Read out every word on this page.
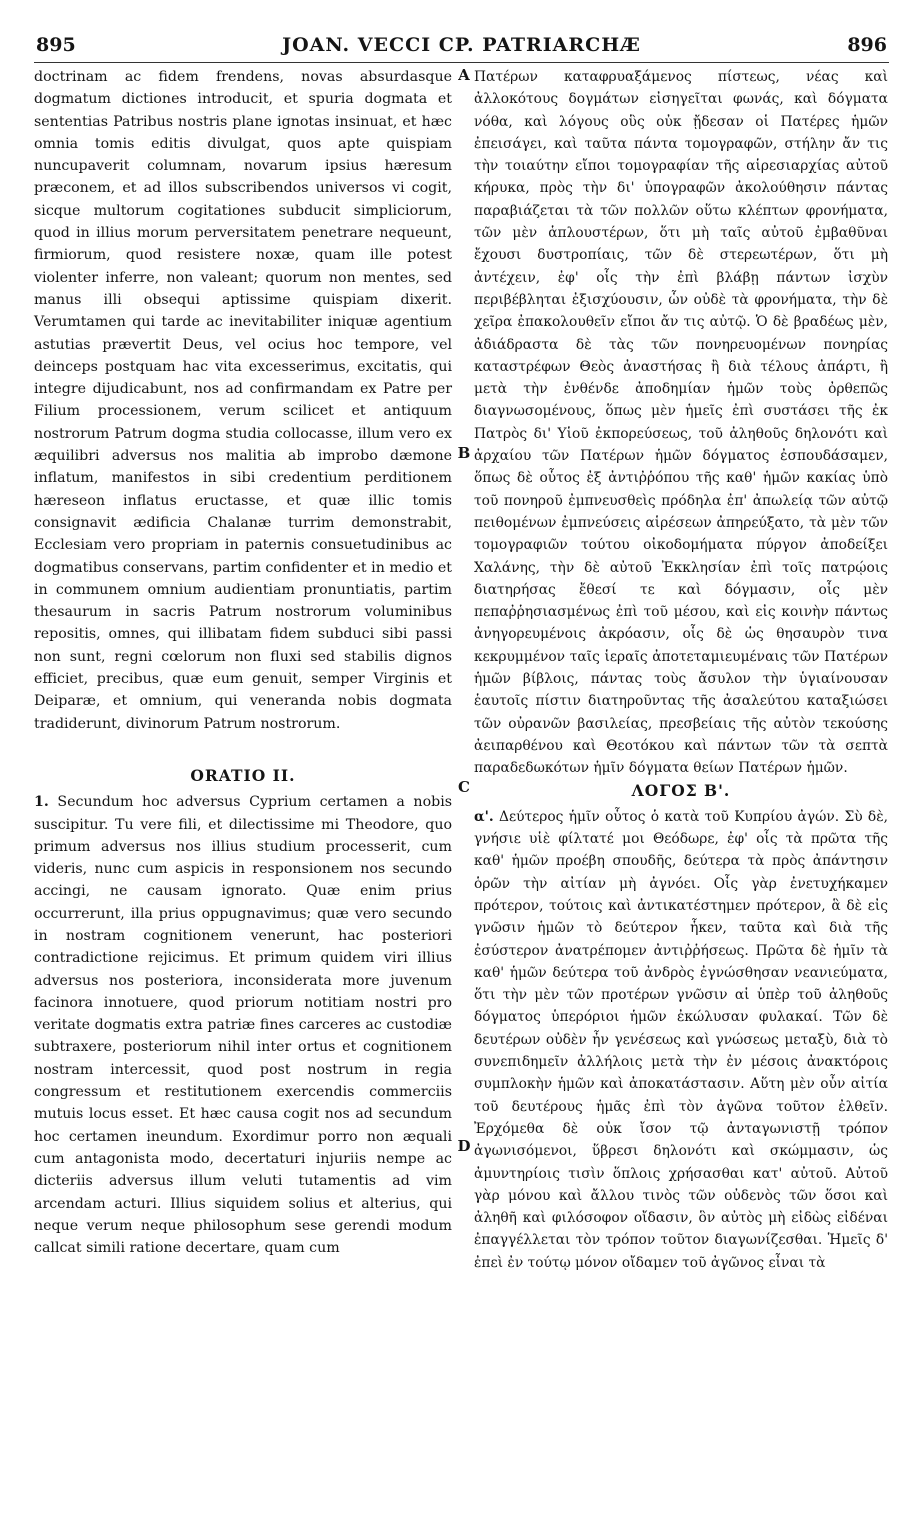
895	JOAN. VECCI CP. PATRIARCHÆ	896
A
B
C
D

doctrinam ac fidem frendens, novas absurdasque dogmatum dictiones introducit, et spuria dogmata et sententias Patribus nostris plane ignotas insinuat, et hæc omnia tomis editis divulgat, quos apte quispiam nuncupaverit columnam, novarum ipsius hæresum præconem, et ad illos subscribendos universos vi cogit, sicque multorum cogitationes subducit simpliciorum, quod in illius morum perversitatem penetrare nequeunt, firmiorum, quod resistere noxæ, quam ille potest violenter inferre, non valeant; quorum non mentes, sed manus illi obsequi aptissime quispiam dixerit. Verumtamen qui tarde ac inevitabiliter iniquæ agentium astutias prævertit Deus, vel ocius hoc tempore, vel deinceps postquam hac vita excesserimus, excitatis, qui integre dijudicabunt, nos ad confirmandam ex Patre per Filium processionem, verum scilicet et antiquum nostrorum Patrum dogma studia collocasse, illum vero ex æquilibri adversus nos malitia ab improbo dæmone inflatum, manifestos in sibi credentium perditionem hæreseon inflatus eructasse, et quæ illic tomis consignavit ædificia Chalanæ turrim demonstrabit, Ecclesiam vero propriam in paternis consuetudinibus ac dogmatibus conservans, partim confidenter et in medio et in communem omnium audientiam pronuntiatis, partim thesaurum in sacris Patrum nostrorum voluminibus repositis, omnes, qui illibatam fidem subduci sibi passi non sunt, regni cœlorum non fluxi sed stabilis dignos efficiet, precibus, quæ eum genuit, semper Virginis et Deiparæ, et omnium, qui veneranda nobis dogmata tradiderunt, divinorum Patrum nostrorum.

ORATIO II.

1. Secundum hoc adversus Cyprium certamen a nobis suscipitur. Tu vere fili, et dilectissime mi Theodore, quo primum adversus nos illius studium processerit, cum videris, nunc cum aspicis in responsionem nos secundo accingi, ne causam ignorato. Quæ enim prius occurrerunt, illa prius oppugnavimus; quæ vero secundo in nostram cognitionem venerunt, hac posteriori contradictione rejicimus. Et primum quidem viri illius adversus nos posteriora, inconsiderata more juvenum facinora innotuere, quod priorum notitiam nostri pro veritate dogmatis extra patriæ fines carceres ac custodiæ subtraxere, posteriorum nihil inter ortus et cognitionem nostram intercessit, quod post nostrum in regia congressum et restitutionem exercendis commerciis mutuis locus esset. Et hæc causa cogit nos ad secundum hoc certamen ineundum. Exordimur porro non æquali cum antagonista modo, decertaturi injuriis nempe ac dicteriis adversus illum veluti tutamentis ad vim arcendam acturi. Illius siquidem solius et alterius, qui neque verum neque philosophum sese gerendi modum callcat simili ratione decertare, quam cum

Πατέρων καταφρυαξάμενος πίστεως, νέας καὶ ἀλλοκότους δογμάτων εἰσηγεῖται φωνάς, καὶ δόγματα νόθα, καὶ λόγους οὓς οὐκ ᾔδεσαν οἱ Πατέρες ἡμῶν ἐπεισάγει, καὶ ταῦτα πάντα τομογραφῶν, στήλην ἄν τις τὴν τοιαύτην εἴποι τομογραφίαν τῆς αἱρεσιαρχίας αὐτοῦ κήρυκα, πρὸς τὴν δι' ὑπογραφῶν ἀκολούθησιν πάντας παραβιάζεται τὰ τῶν πολλῶν οὕτω κλέπτων φρονήματα, τῶν μὲν ἁπλουστέρων, ὅτι μὴ ταῖς αὐτοῦ ἐμβαθῦναι ἔχουσι δυστροπίαις, τῶν δὲ στερεωτέρων, ὅτι μὴ ἀντέχειν, ἐφ' οἷς τὴν ἐπὶ βλάβῃ πάντων ἰσχὺν περιβέβληται ἐξισχύουσιν, ὧν οὐδὲ τὰ φρονήματα, τὴν δὲ χεῖρα ἐπακολουθεῖν εἴποι ἄν τις αὐτῷ. Ὁ δὲ βραδέως μὲν, ἀδιάδραστα δὲ τὰς τῶν πονηρευομένων πονηρίας καταστρέφων Θεὸς ἀναστήσας ἢ διὰ τέλους ἀπάρτι, ἢ μετὰ τὴν ἐνθένδε ἀποδημίαν ἡμῶν τοὺς ὀρθεπῶς διαγνωσομένους, ὅπως μὲν ἡμεῖς ἐπὶ συστάσει τῆς ἐκ Πατρὸς δι' Υἱοῦ ἐκπορεύσεως, τοῦ ἀληθοῦς δηλονότι καὶ ἀρχαίου τῶν Πατέρων ἡμῶν δόγματος ἐσπουδάσαμεν, ὅπως δὲ οὗτος ἐξ ἀντιῤῥόπου τῆς καθ' ἡμῶν κακίας ὑπὸ τοῦ πονηροῦ ἐμπνευσθεὶς πρόδηλα ἐπ' ἀπωλείᾳ τῶν αὐτῷ πειθομένων ἐμπνεύσεις αἱρέσεων ἀπηρεύξατο, τὰ μὲν τῶν τομογραφιῶν τούτου οἰκοδομήματα πύργον ἀποδείξει Χαλάνης, τὴν δὲ αὐτοῦ Ἐκκλησίαν ἐπὶ τοῖς πατρῴοις διατηρήσας ἔθεσί τε καὶ δόγμασιν, οἷς μὲν πεπαῤῥησιασμένως ἐπὶ τοῦ μέσου, καὶ εἰς κοινὴν πάντως ἀνηγορευμένοις ἀκρόασιν, οἷς δὲ ὡς θησαυρὸν τινα κεκρυμμένον ταῖς ἱεραῖς ἀποτεταμιευμέναις τῶν Πατέρων ἡμῶν βίβλοις, πάντας τοὺς ἄσυλον τὴν ὑγιαίνουσαν ἑαυτοῖς πίστιν διατηροῦντας τῆς ἀσαλεύτου καταξιώσει τῶν οὐρανῶν βασιλείας, πρεσβείαις τῆς αὐτὸν τεκούσης ἀειπαρθένου καὶ Θεοτόκου καὶ πάντων τῶν τὰ σεπτὰ παραδεδωκότων ἡμῖν δόγματα θείων Πατέρων ἡμῶν.

ΛΟΓΟΣ Β'.

α'. Δεύτερος ἡμῖν οὗτος ὁ κατὰ τοῦ Κυπρίου ἀγών. Σὺ δὲ, γνήσιε υἱὲ φίλτατέ μοι Θεόδωρε, ἐφ' οἷς τὰ πρῶτα τῆς καθ' ἡμῶν προέβη σπουδῆς, δεύτερα τὰ πρὸς ἀπάντησιν ὁρῶν τὴν αἰτίαν μὴ ἀγνόει. Οἷς γὰρ ἐνετυχήκαμεν πρότερον, τούτοις καὶ ἀντικατέστημεν πρότερον, ἃ δὲ εἰς γνῶσιν ἡμῶν τὸ δεύτερον ἧκεν, ταῦτα καὶ διὰ τῆς ἐσύστερον ἀνατρέπομεν ἀντιῤῥήσεως. Πρῶτα δὲ ἡμῖν τὰ καθ' ἡμῶν δεύτερα τοῦ ἀνδρὸς ἐγνώσθησαν νεανιεύματα, ὅτι τὴν μὲν τῶν προτέρων γνῶσιν αἱ ὑπὲρ τοῦ ἀληθοῦς δόγματος ὑπερόριοι ἡμῶν ἐκώλυσαν φυλακαί. Τῶν δὲ δευτέρων οὐδὲν ἦν γενέσεως καὶ γνώσεως μεταξὺ, διὰ τὸ συνεπιδημεῖν ἀλλήλοις μετὰ τὴν ἐν μέσοις ἀνακτόροις συμπλοκὴν ἡμῶν καὶ ἀποκατάστασιν. Αὕτη μὲν οὖν αἰτία τοῦ δευτέρους ἡμᾶς ἐπὶ τὸν ἀγῶνα τοῦτον ἐλθεῖν. Ἐρχόμεθα δὲ οὐκ ἴσον τῷ ἀνταγωνιστῇ τρόπον ἀγωνισόμενοι, ὕβρεσι δηλονότι καὶ σκώμμασιν, ὡς ἀμυντηρίοις τισὶν ὅπλοις χρήσασθαι κατ' αὐτοῦ. Αὐτοῦ γὰρ μόνου καὶ ἄλλου τινὸς τῶν οὐδενὸς τῶν ὅσοι καὶ ἀληθῆ καὶ φιλόσοφον οἴδασιν, ὃν αὐτὸς μὴ εἰδὼς εἰδέναι ἐπαγγέλλεται τὸν τρόπον τοῦτον διαγωνίζεσθαι. Ἡμεῖς δ' ἐπεὶ ἐν τούτῳ μόνον οἴδαμεν τοῦ ἀγῶνος εἶναι τὰ
